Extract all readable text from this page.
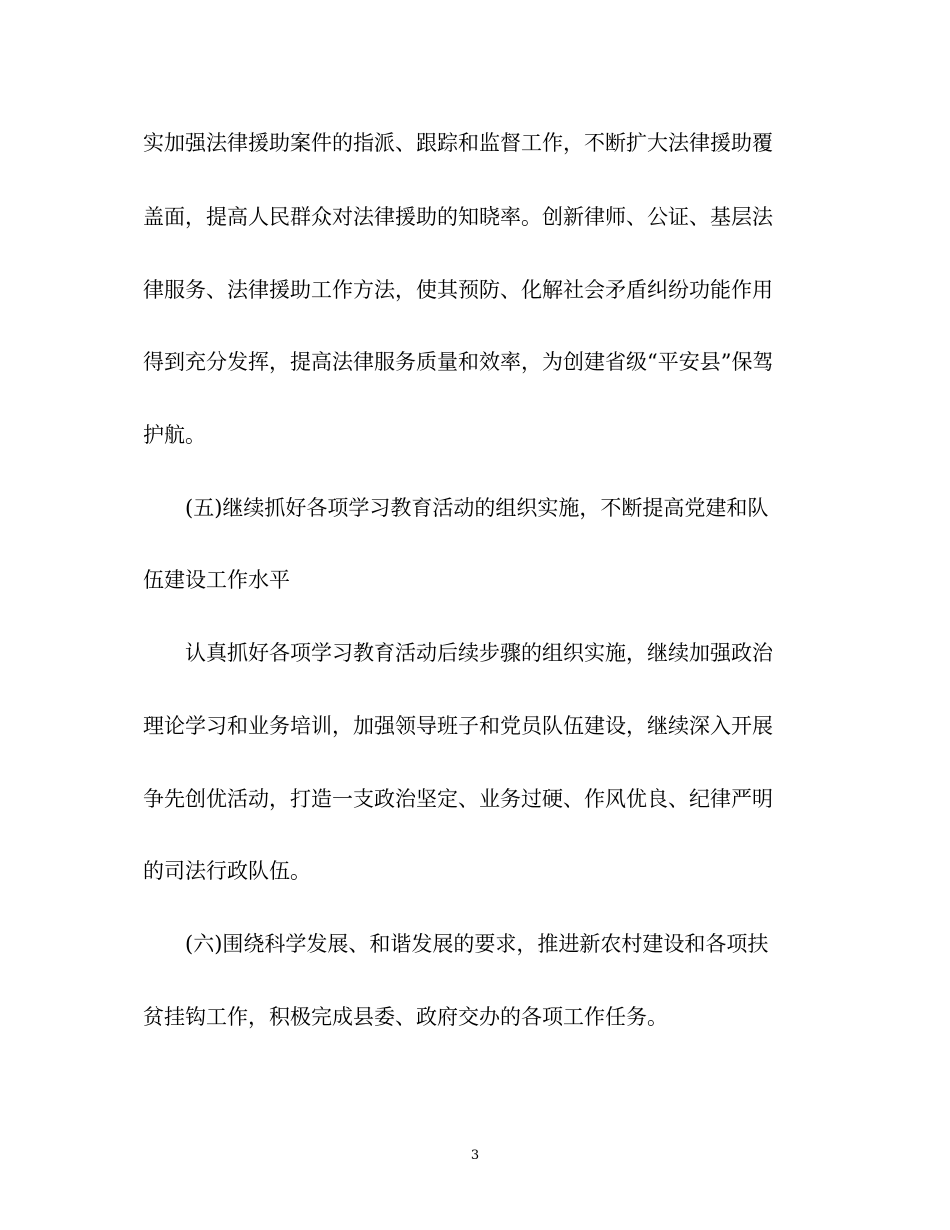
实加强法律援助案件的指派、跟踪和监督工作，不断扩大法律援助覆
盖面，提高人民群众对法律援助的知晓率。创新律师、公证、基层法
律服务、法律援助工作方法，使其预防、化解社会矛盾纠纷功能作用
得到充分发挥，提高法律服务质量和效率，为创建省级“平安县”保驾
护航。
(五)继续抓好各项学习教育活动的组织实施，不断提高党建和队
伍建设工作水平
认真抓好各项学习教育活动后续步骤的组织实施，继续加强政治
理论学习和业务培训，加强领导班子和党员队伍建设，继续深入开展
争先创优活动，打造一支政治坚定、业务过硬、作风优良、纪律严明
的司法行政队伍。
(六)围绕科学发展、和谐发展的要求，推进新农村建设和各项扶
贫挂钩工作，积极完成县委、政府交办的各项工作任务。
3
